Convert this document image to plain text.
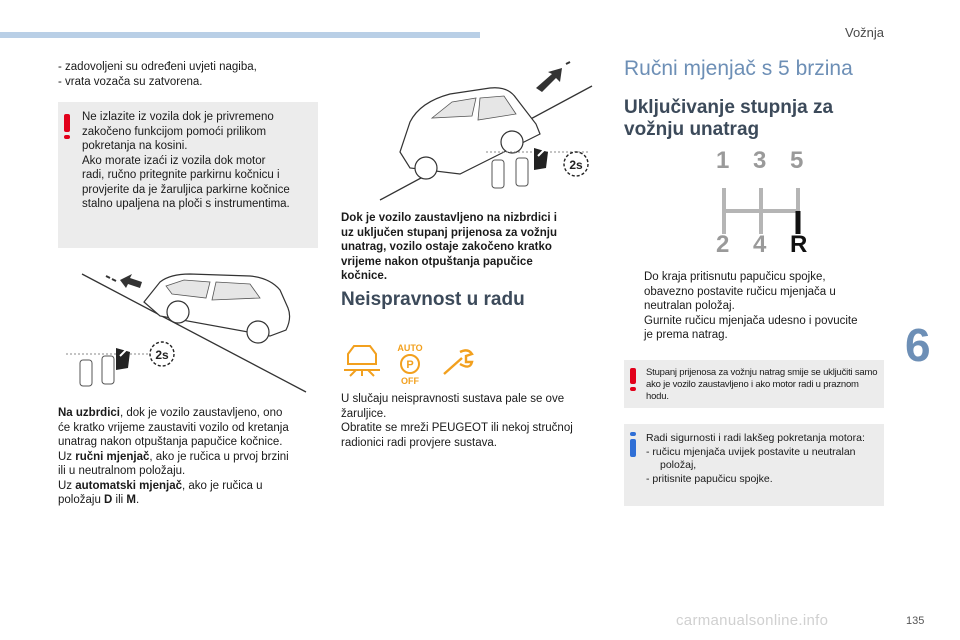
Vožnja
- zadovoljeni su određeni uvjeti nagiba,
- vrata vozača su zatvorena.
Ne izlazite iz vozila dok je privremeno
zakočeno funkcijom pomoći prilikom
pokretanja na kosini.
Ako morate izaći iz vozila dok motor
radi, ručno pritegnite parkirnu kočnicu i
provjerite da je žaruljica parkirne kočnice
stalno upaljena na ploči s instrumentima.
2s
Na uzbrdici, dok je vozilo zaustavljeno, ono
će kratko vrijeme zaustaviti vozilo od kretanja
unatrag nakon otpuštanja papučice kočnice.
Uz ručni mjenjač, ako je ručica u prvoj brzini
ili u neutralnom položaju.
Uz automatski mjenjač, ako je ručica u
položaju D ili M.
2s
Dok je vozilo zaustavljeno na nizbrdici i
uz uključen stupanj prijenosa za vožnju
unatrag, vozilo ostaje zakočeno kratko
vrijeme nakon otpuštanja papučice
kočnice.
Neispravnost u radu
AUTO
P
OFF
U slučaju neispravnosti sustava pale se ove
žaruljice.
Obratite se mreži PEUGEOT ili nekoj stručnoj
radionici radi provjere sustava.
Ručni mjenjač s 5 brzina
Uključivanje stupnja za
vožnju unatrag
1 3 5
2 4 R
Do kraja pritisnutu papučicu spojke,
obavezno postavite ručicu mjenjača u
neutralan položaj.
Gurnite ručicu mjenjača udesno i povucite
je prema natrag.
Stupanj prijenosa za vožnju natrag smije se uključiti samo
ako je vozilo zaustavljeno i ako motor radi u praznom hodu.
Radi sigurnosti i radi lakšeg pokretanja motora:
- ručicu mjenjača uvijek postavite u neutralan položaj,
- pritisnite papučicu spojke.
6
carmanualsonline.info	135
